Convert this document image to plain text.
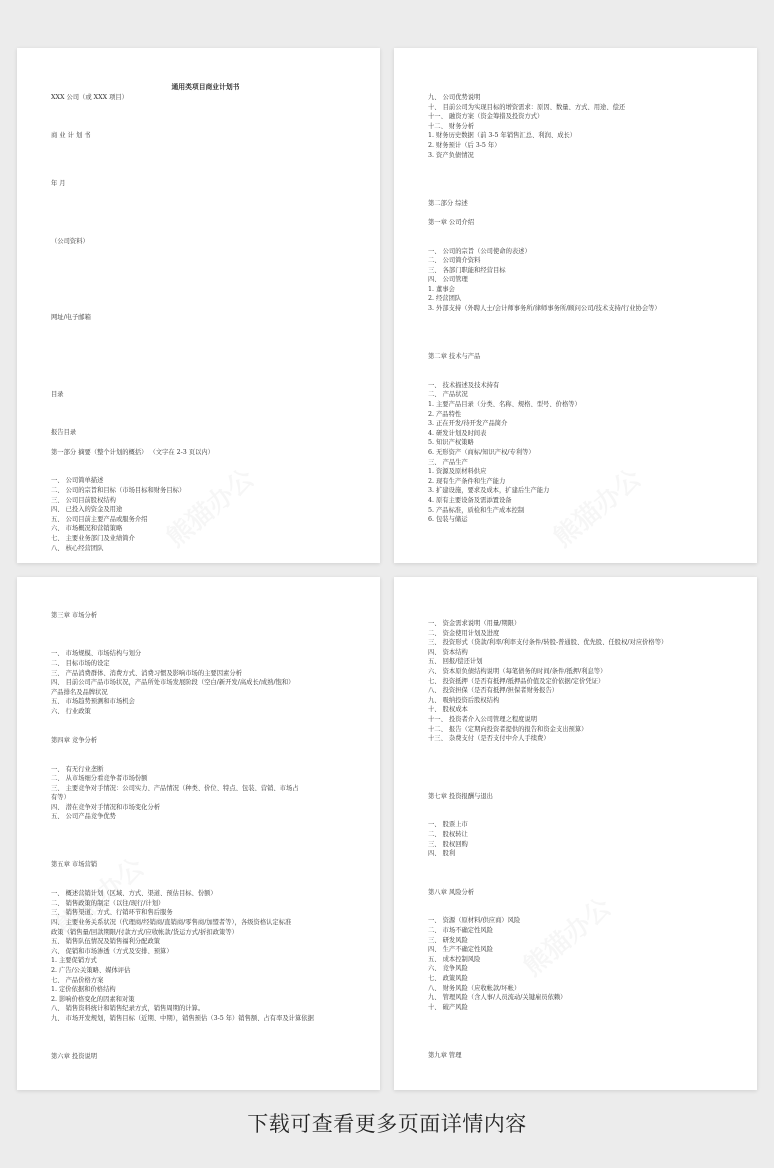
通用类项目商业计划书
XXX 公司（或 XXX 项目）

商 业 计 划 书

年 月

（公司资料）

网址/电子邮箱

目录

报告目录

第一部分 摘要（整个计划的概括） （文字在 2-3 页以内）

一、 公司简单描述
二、 公司的宗旨和目标（市场目标和财务目标）
三、 公司目前股权结构
四、 已投入的资金及用途
五、 公司目前主要产品或服务介绍
六、 市场概况和营销策略
七、 主要业务部门及业绩简介
八、 核心经营团队
九、 公司优势说明
十、 目前公司为实现目标的增资需求：原因、数量、方式、用途、偿还
十一、 融资方案（资金筹措及投资方式）
十二、 财务分析
1. 财务历史数据（前 3-5 年销售汇总、利润、成长）
2. 财务预计（后 3-5 年）
3. 资产负债情况

第二部分 综述

第一章 公司介绍

一、 公司的宗旨（公司使命的表述）
二、 公司简介资料
三、 各部门职能和经营目标
四、 公司管理
1. 董事会
2. 经营团队
3. 外部支持（外聘人士/会计师事务所/律师事务所/顾问公司/技术支持/行业协会等）

第二章 技术与产品

一、 技术描述及技术持有
二、 产品状况
1. 主要产品目录（分类、名称、规格、型号、价格等）
2. 产品特性
3. 正在开发/待开发产品简介
4. 研发计划及时间表
5. 知识产权策略
6. 无形资产（商标/知识产权/专利等）
三、 产品生产
1. 资源及原材料供应
2. 现有生产条件和生产能力
3. 扩建设施，要求及成本，扩建后生产能力
4. 原有主要设备及需添置设备
5. 产品标准，质检和生产成本控制
6. 包装与储运
第三章 市场分析

一、 市场规模、市场结构与划分
二、 目标市场的设定
三、 产品消费群体、消费方式、消费习惯及影响市场的主要因素分析
四、 目前公司产品市场状况，产品所处市场发展阶段（空白/新开发/高成长/成熟/饱和）
产品排名及品牌状况
五、 市场趋势预测和市场机会
六、 行业政策

第四章 竞争分析

一、 有无行业垄断
二、 从市场细分看竞争者市场份额
三、 主要竞争对手情况：公司实力、产品情况（种类、价位、特点、包装、营销、市场占
有等）
四、 潜在竞争对手情况和市场变化分析
五、 公司产品竞争优势

第五章 市场营销

一、 概述营销计划（区域、方式、渠道、预估目标、份额）
二、 销售政策的制定（以往/现行/计划）
三、 销售渠道、方式、行销环节和售后服务
四、 主要业务关系状况（代理商/经销商/直销商/零售商/加盟者等），各级资格认定标准
政策（销售量/回款期限/付款方式/应收帐款/货运方式/折扣政策等）
五、 销售队伍情况及销售福利分配政策
六、 促销和市场渗透（方式及安排、预算）
1. 主要促销方式
2. 广告/公关策略、媒体评估
七、 产品价格方案
1. 定价依据和价格结构
2. 影响价格变化的因素和对策
八、 销售资料统计和销售纪录方式，销售周期的计算。
九、 市场开发规划，销售目标（近期、中期），销售预估（3-5 年）销售额、占有率及计算依据

第六章 投资说明
一、 资金需求说明（用量/期限）
二、 资金使用计划及进度
三、 投资形式（贷款/利率/利率支付条件/转股-普通股、优先股、任股权/对应价格等）
四、 资本结构
五、 回报/偿还计划
六、 资本原负债结构说明（每笔债务的时间/条件/抵押/利息等）
七、 投资抵押（是否有抵押/抵押品价值及定价依据/定价凭证）
八、 投资担保（是否有抵押/担保者财务报告）
九、 吸纳投资后股权结构
十、 股权成本
十一、 投资者介入公司管理之程度说明
十二、 报告（定期向投资者提供的报告和资金支出预算）
十三、 杂费支付（是否支付中介人手续费）

第七章 投资报酬与退出

一、 股票上市
二、 股权转让
三、 股权回购
四、 股利

第八章 风险分析

一、 资源（原材料/供应商）风险
二、 市场不确定性风险
三、 研发风险
四、 生产不确定性风险
五、 成本控制风险
六、 竞争风险
七、 政策风险
八、 财务风险（应收帐款/坏帐）
九、 管理风险（含人事/人员流动/关键雇员依赖）
十、 破产风险

第九章 管理
下载可查看更多页面详情内容
